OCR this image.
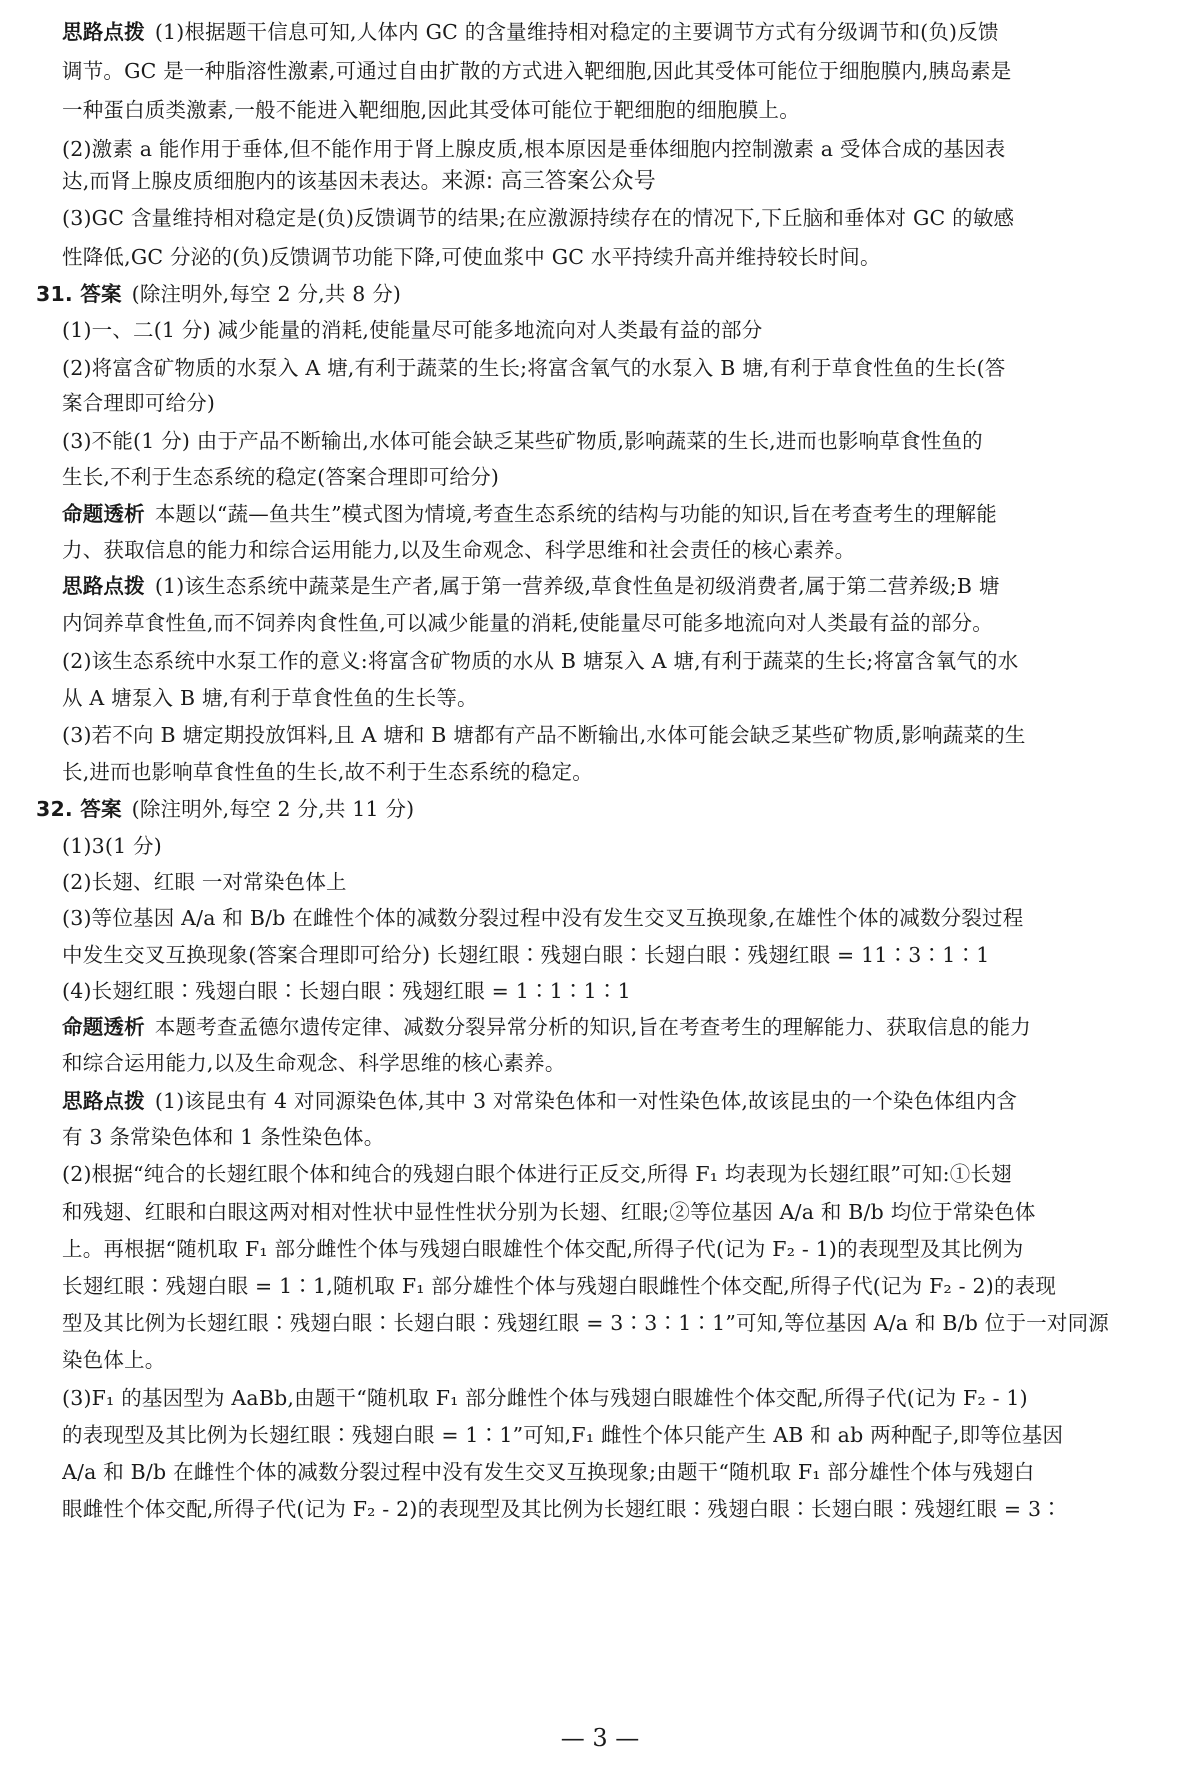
思路点拨 (1)根据题干信息可知,人体内 GC 的含量维持相对稳定的主要调节方式有分级调节和(负)反馈
调节。GC 是一种脂溶性激素,可通过自由扩散的方式进入靶细胞,因此其受体可能位于细胞膜内,胰岛素是
一种蛋白质类激素,一般不能进入靶细胞,因此其受体可能位于靶细胞的细胞膜上。
(2)激素 a 能作用于垂体,但不能作用于肾上腺皮质,根本原因是垂体细胞内控制激素 a 受体合成的基因表
达,而肾上腺皮质细胞内的该基因未表达。来源: 高三答案公众号
(3)GC 含量维持相对稳定是(负)反馈调节的结果;在应激源持续存在的情况下,下丘脑和垂体对 GC 的敏感
性降低,GC 分泌的(负)反馈调节功能下降,可使血浆中 GC 水平持续升高并维持较长时间。
31. 答案 (除注明外,每空 2 分,共 8 分)
(1)一、二(1 分) 减少能量的消耗,使能量尽可能多地流向对人类最有益的部分
(2)将富含矿物质的水泵入 A 塘,有利于蔬菜的生长;将富含氧气的水泵入 B 塘,有利于草食性鱼的生长(答
案合理即可给分)
(3)不能(1 分) 由于产品不断输出,水体可能会缺乏某些矿物质,影响蔬菜的生长,进而也影响草食性鱼的
生长,不利于生态系统的稳定(答案合理即可给分)
命题透析 本题以“蔬—鱼共生”模式图为情境,考查生态系统的结构与功能的知识,旨在考查考生的理解能
力、获取信息的能力和综合运用能力,以及生命观念、科学思维和社会责任的核心素养。
思路点拨 (1)该生态系统中蔬菜是生产者,属于第一营养级,草食性鱼是初级消费者,属于第二营养级;B 塘
内饲养草食性鱼,而不饲养肉食性鱼,可以减少能量的消耗,使能量尽可能多地流向对人类最有益的部分。
(2)该生态系统中水泵工作的意义:将富含矿物质的水从 B 塘泵入 A 塘,有利于蔬菜的生长;将富含氧气的水
从 A 塘泵入 B 塘,有利于草食性鱼的生长等。
(3)若不向 B 塘定期投放饵料,且 A 塘和 B 塘都有产品不断输出,水体可能会缺乏某些矿物质,影响蔬菜的生
长,进而也影响草食性鱼的生长,故不利于生态系统的稳定。
32. 答案 (除注明外,每空 2 分,共 11 分)
(1)3(1 分)
(2)长翅、红眼 一对常染色体上
(3)等位基因 A/a 和 B/b 在雌性个体的减数分裂过程中没有发生交叉互换现象,在雄性个体的减数分裂过程
中发生交叉互换现象(答案合理即可给分) 长翅红眼∶残翅白眼∶长翅白眼∶残翅红眼 = 11∶3∶1∶1
(4)长翅红眼∶残翅白眼∶长翅白眼∶残翅红眼 = 1∶1∶1∶1
命题透析 本题考查孟德尔遗传定律、减数分裂异常分析的知识,旨在考查考生的理解能力、获取信息的能力
和综合运用能力,以及生命观念、科学思维的核心素养。
思路点拨 (1)该昆虫有 4 对同源染色体,其中 3 对常染色体和一对性染色体,故该昆虫的一个染色体组内含
有 3 条常染色体和 1 条性染色体。
(2)根据“纯合的长翅红眼个体和纯合的残翅白眼个体进行正反交,所得 F₁ 均表现为长翅红眼”可知:①长翅
和残翅、红眼和白眼这两对相对性状中显性性状分别为长翅、红眼;②等位基因 A/a 和 B/b 均位于常染色体
上。再根据“随机取 F₁ 部分雌性个体与残翅白眼雄性个体交配,所得子代(记为 F₂ - 1)的表现型及其比例为
长翅红眼∶残翅白眼 = 1∶1,随机取 F₁ 部分雄性个体与残翅白眼雌性个体交配,所得子代(记为 F₂ - 2)的表现
型及其比例为长翅红眼∶残翅白眼∶长翅白眼∶残翅红眼 = 3∶3∶1∶1”可知,等位基因 A/a 和 B/b 位于一对同源
染色体上。
(3)F₁ 的基因型为 AaBb,由题干“随机取 F₁ 部分雌性个体与残翅白眼雄性个体交配,所得子代(记为 F₂ - 1)
的表现型及其比例为长翅红眼∶残翅白眼 = 1∶1”可知,F₁ 雌性个体只能产生 AB 和 ab 两种配子,即等位基因
A/a 和 B/b 在雌性个体的减数分裂过程中没有发生交叉互换现象;由题干“随机取 F₁ 部分雄性个体与残翅白
眼雌性个体交配,所得子代(记为 F₂ - 2)的表现型及其比例为长翅红眼∶残翅白眼∶长翅白眼∶残翅红眼 = 3∶
— 3 —
